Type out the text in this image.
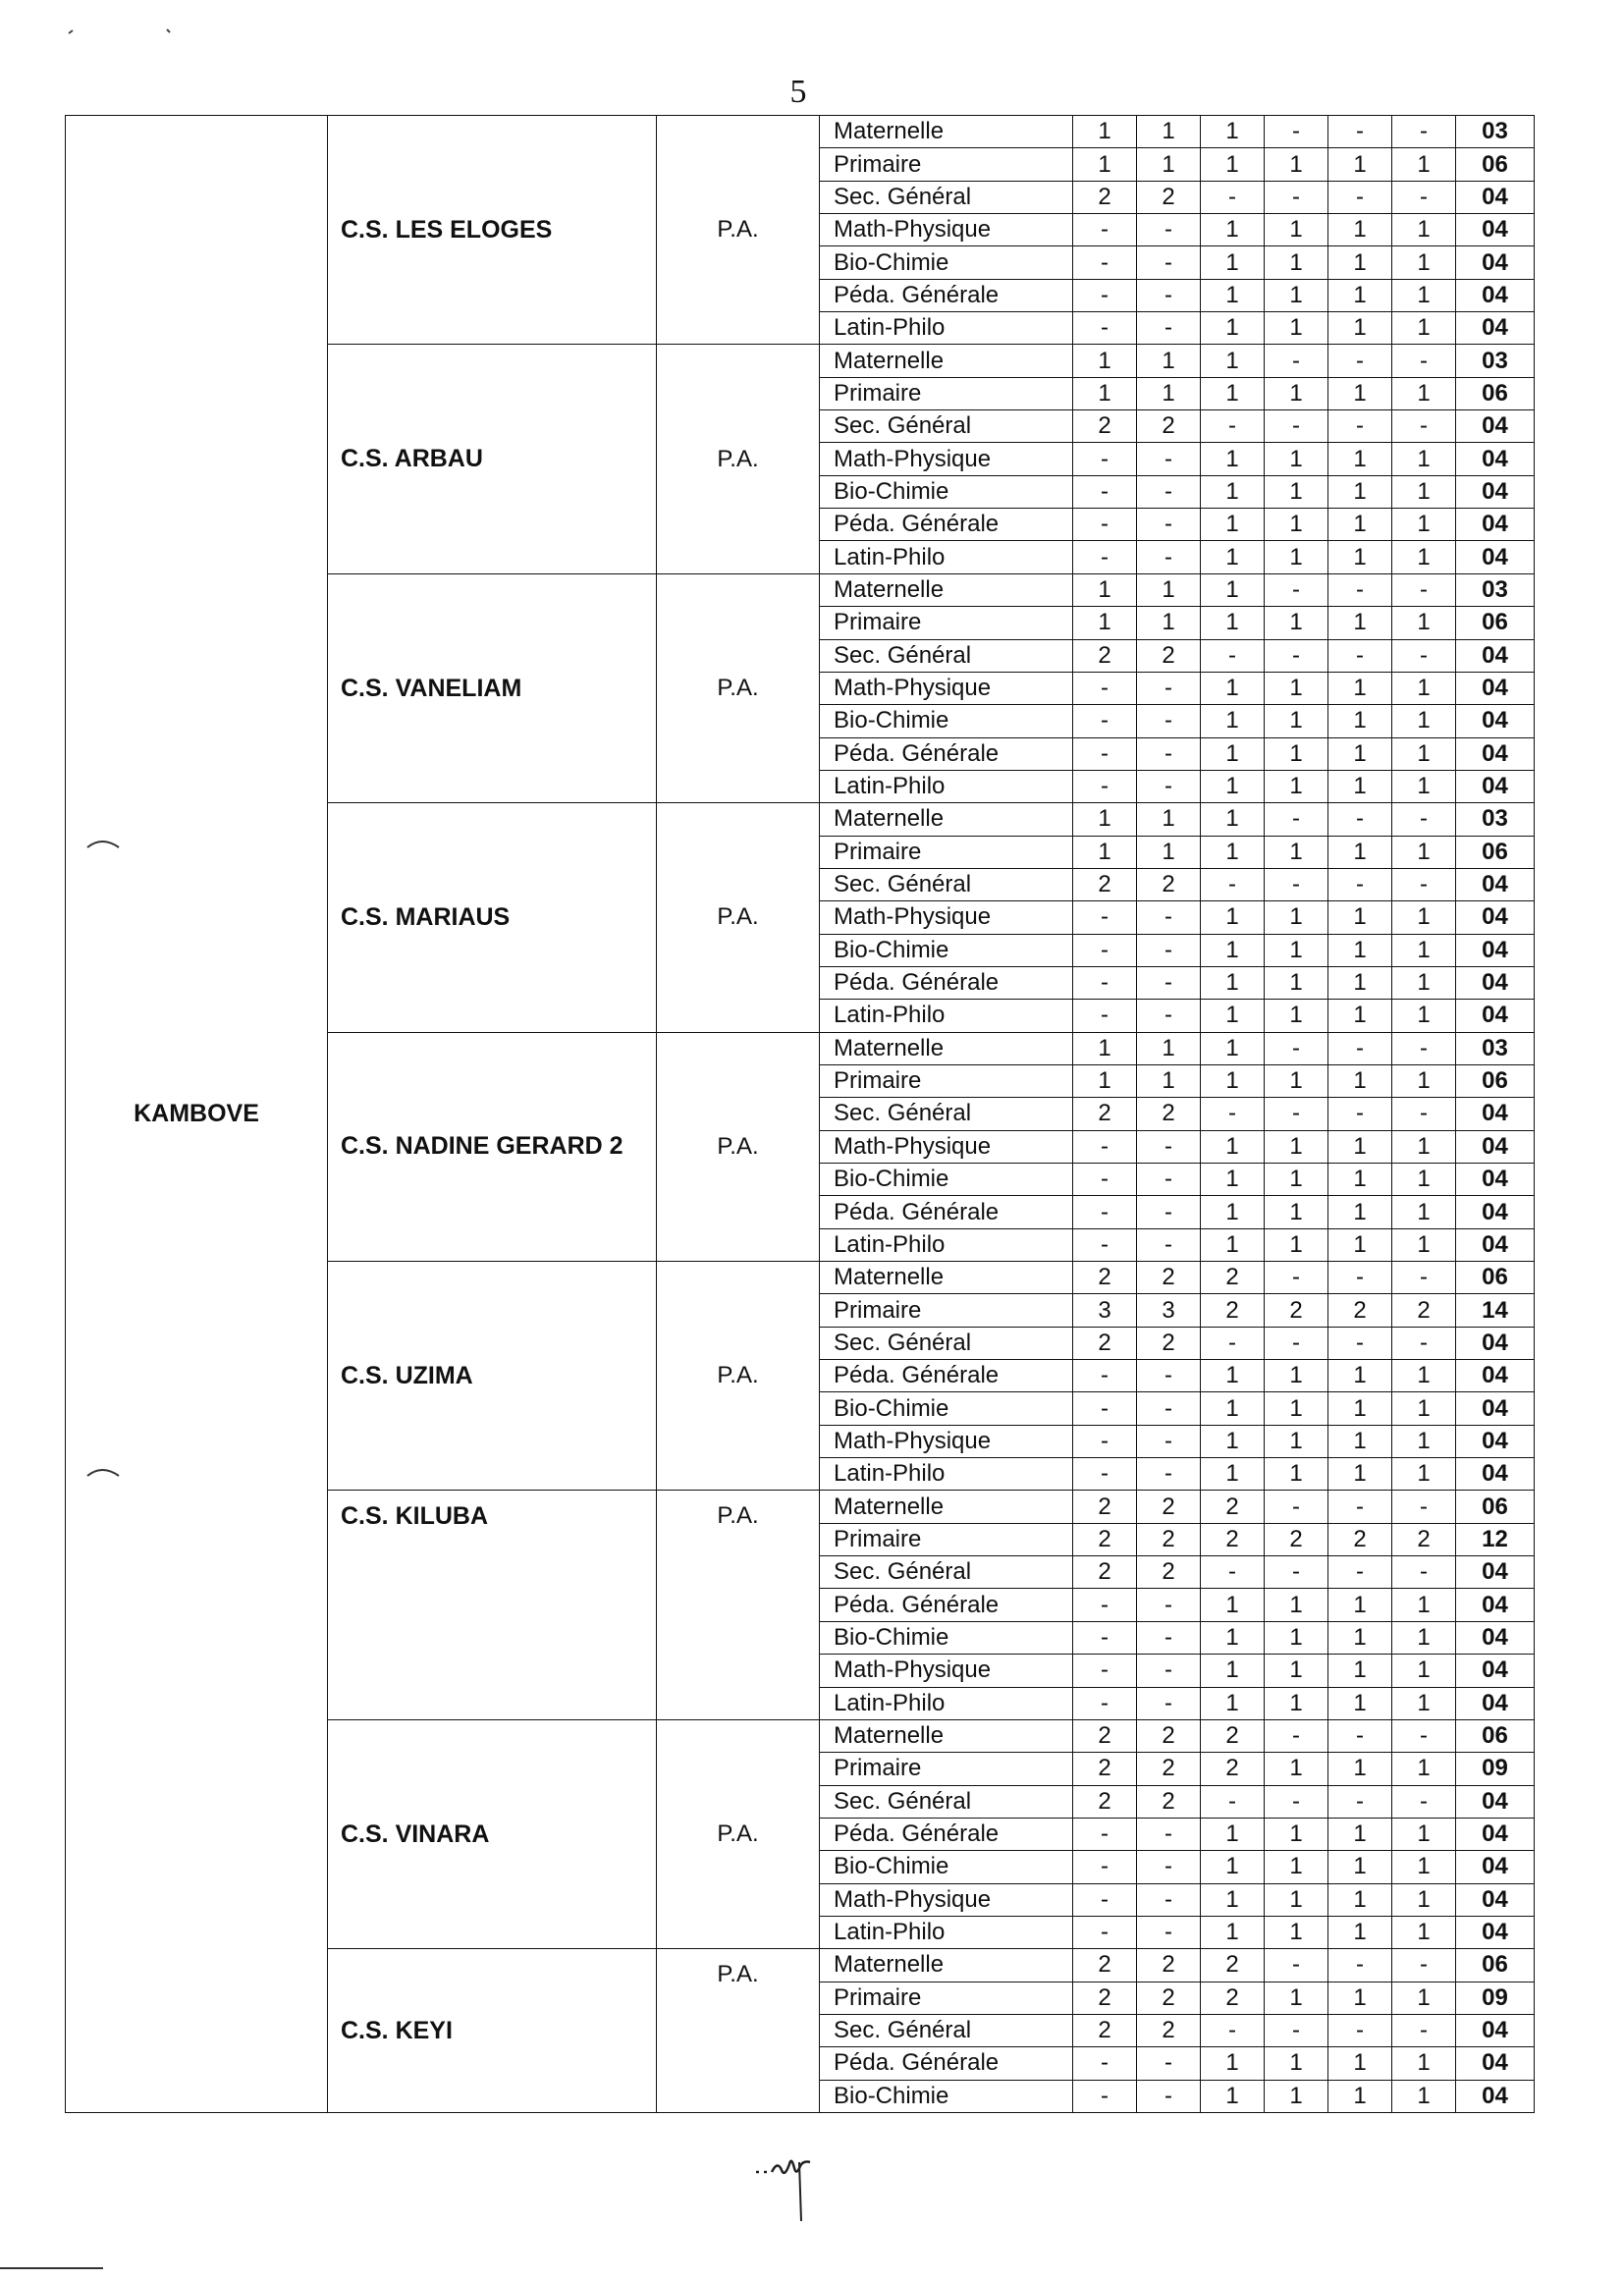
5
KAMBOVE	C.S. LES ELOGES	P.A.	Maternelle	1	1	1	-	-	-	03
			Primaire	1	1	1	1	1	1	06
			Sec. Général	2	2	-	-	-	-	04
			Math-Physique	-	-	1	1	1	1	04
			Bio-Chimie	-	-	1	1	1	1	04
			Péda. Générale	-	-	1	1	1	1	04
			Latin-Philo	-	-	1	1	1	1	04
	C.S. ARBAU	P.A.	Maternelle	1	1	1	-	-	-	03
			Primaire	1	1	1	1	1	1	06
			Sec. Général	2	2	-	-	-	-	04
			Math-Physique	-	-	1	1	1	1	04
			Bio-Chimie	-	-	1	1	1	1	04
			Péda. Générale	-	-	1	1	1	1	04
			Latin-Philo	-	-	1	1	1	1	04
	C.S. VANELIAM	P.A.	Maternelle	1	1	1	-	-	-	03
			Primaire	1	1	1	1	1	1	06
			Sec. Général	2	2	-	-	-	-	04
			Math-Physique	-	-	1	1	1	1	04
			Bio-Chimie	-	-	1	1	1	1	04
			Péda. Générale	-	-	1	1	1	1	04
			Latin-Philo	-	-	1	1	1	1	04
	C.S. MARIAUS	P.A.	Maternelle	1	1	1	-	-	-	03
			Primaire	1	1	1	1	1	1	06
			Sec. Général	2	2	-	-	-	-	04
			Math-Physique	-	-	1	1	1	1	04
			Bio-Chimie	-	-	1	1	1	1	04
			Péda. Générale	-	-	1	1	1	1	04
			Latin-Philo	-	-	1	1	1	1	04
	C.S. NADINE GERARD 2	P.A.	Maternelle	1	1	1	-	-	-	03
			Primaire	1	1	1	1	1	1	06
			Sec. Général	2	2	-	-	-	-	04
			Math-Physique	-	-	1	1	1	1	04
			Bio-Chimie	-	-	1	1	1	1	04
			Péda. Générale	-	-	1	1	1	1	04
			Latin-Philo	-	-	1	1	1	1	04
	C.S. UZIMA	P.A.	Maternelle	2	2	2	-	-	-	06
			Primaire	3	3	2	2	2	2	14
			Sec. Général	2	2	-	-	-	-	04
			Péda. Générale	-	-	1	1	1	1	04
			Bio-Chimie	-	-	1	1	1	1	04
			Math-Physique	-	-	1	1	1	1	04
			Latin-Philo	-	-	1	1	1	1	04
	C.S. KILUBA	P.A.	Maternelle	2	2	2	-	-	-	06
			Primaire	2	2	2	2	2	2	12
			Sec. Général	2	2	-	-	-	-	04
			Péda. Générale	-	-	1	1	1	1	04
			Bio-Chimie	-	-	1	1	1	1	04
			Math-Physique	-	-	1	1	1	1	04
			Latin-Philo	-	-	1	1	1	1	04
	C.S. VINARA	P.A.	Maternelle	2	2	2	-	-	-	06
			Primaire	2	2	2	1	1	1	09
			Sec. Général	2	2	-	-	-	-	04
			Péda. Générale	-	-	1	1	1	1	04
			Bio-Chimie	-	-	1	1	1	1	04
			Math-Physique	-	-	1	1	1	1	04
			Latin-Philo	-	-	1	1	1	1	04
	C.S. KEYI	P.A.	Maternelle	2	2	2	-	-	-	06
			Primaire	2	2	2	1	1	1	09
			Sec. Général	2	2	-	-	-	-	04
			Péda. Générale	-	-	1	1	1	1	04
			Bio-Chimie	-	-	1	1	1	1	04
